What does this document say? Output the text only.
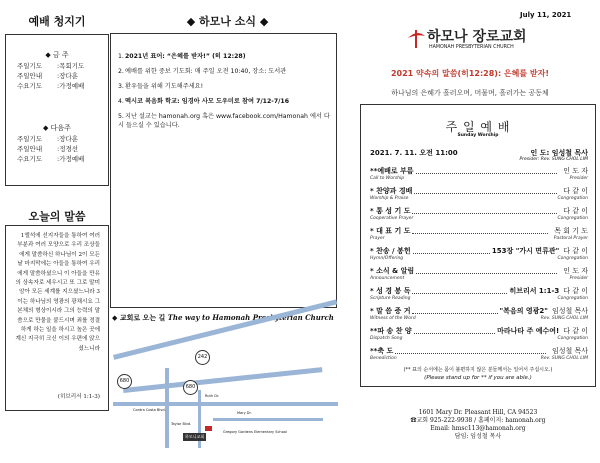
예배 청지기
◆ 금 주
주일기도	: 목회기도
주일안내	: 장다훈
수요기도	: 가정예배
◆ 다음주
주일기도	: 장다훈
주일안내	: 정경선
수요기도	: 가정예배
오늘의 말씀
1엘석에 선지자들을 통하여 여러 부분과 여러 모양으로 우리 조상들에게 말씀하신 하나님이 2이 모든 날 마지막에는 아들을 통하여 우리에게 말씀하셨으니 이 아들을 만유의 상속자로 세우시고 또 그로 말미암아 모든 세계를 지으셨느니라 3이는 하나님의 영광의 광채시요 그 본체의 형상이시라 그의 능력의 말씀으로 만물을 붙드시며 죄를 정결하게 하는 일을 하시고 높은 곳에 계신 지극히 크신 이의 우편에 앉으셨느니라
(히브리서 1:1-3)
◆ 하모나 소식 ◆
1.2021년 표어: “은혜를 받자!” (히 12:28)
2.예배를 위한 중보 기도회: 매 주일 오전 10:40, 장소: 도서관
3.환우들을 위해 기도해주세요!
4.멕시코 복음화 학교: 임경아 사모 도우미로 참여 7/12-7/16
5.지난 설교는 hamonah.org 혹은 www.facebook.com/Hamonah 에서 다시 들으실 수 있습니다.
◆ 교회로 오는 길 The way to Hamonah Presbyterian Church
680
680
242
Contra Costa Blvd.
Mary Dr.
Taylor Blvd.
Ruth Dr.
하모니교회
Gregory Gardens Elementary School
July 11, 2021
하모나 장로교회
HAMONAH PRESBYTERIAN CHURCH
2021 약속의 말씀(히12:28): 은혜를 받자!
하나님의 은혜가 흘러오며, 머물며, 흘러가는 공동체
주 일 예 배
Sunday Worship
2021. 7. 11. 오전 11:00	인 도: 임성철 목사
Presider: Rev. SUNG CHOL LIM
**예배로 부름	인 도 자
Call to Worship	Presider
* 찬양과 경배	다 같 이
Worship & Praise	Congregation
* 통 성 기 도	다 같 이
Cooperative Prayer	Congregation
* 대 표 기 도	목 회 기 도
Prayer	Pastoral Prayer
* 찬송 / 봉헌	153장 "가시 면류관" 다 같 이
Hymn/Offering	Congregation
* 소식 & 알림	인 도 자
Announcement	Presider
* 성 경 봉 독	히브리서 1:1-3 다 같 이
Scripture Reading	Congregation
* 말 씀 증 거	"복음의 영광2" 임성철 목사
Witness of the Word	Rev. SUNG CHOL LIM
**파 송 찬 양	마라나타 주 예수여! 다 같 이
Dispatch Song	Congregation
**축 도	임성철 목사
Benediction	Rev. SUNG CHOL LIM
(** 표의 순서에는 몸이 불편하지 않은 분들께서는 일어서 주십시오.)
(Please stand up for ** if you are able.)
1601 Mary Dr. Pleasant Hill, CA 94523
☎교회 925-222-9938 / 홈페이지: hamonah.org
Email: hmsc113@hamonah.org
담임: 임성철 목사
